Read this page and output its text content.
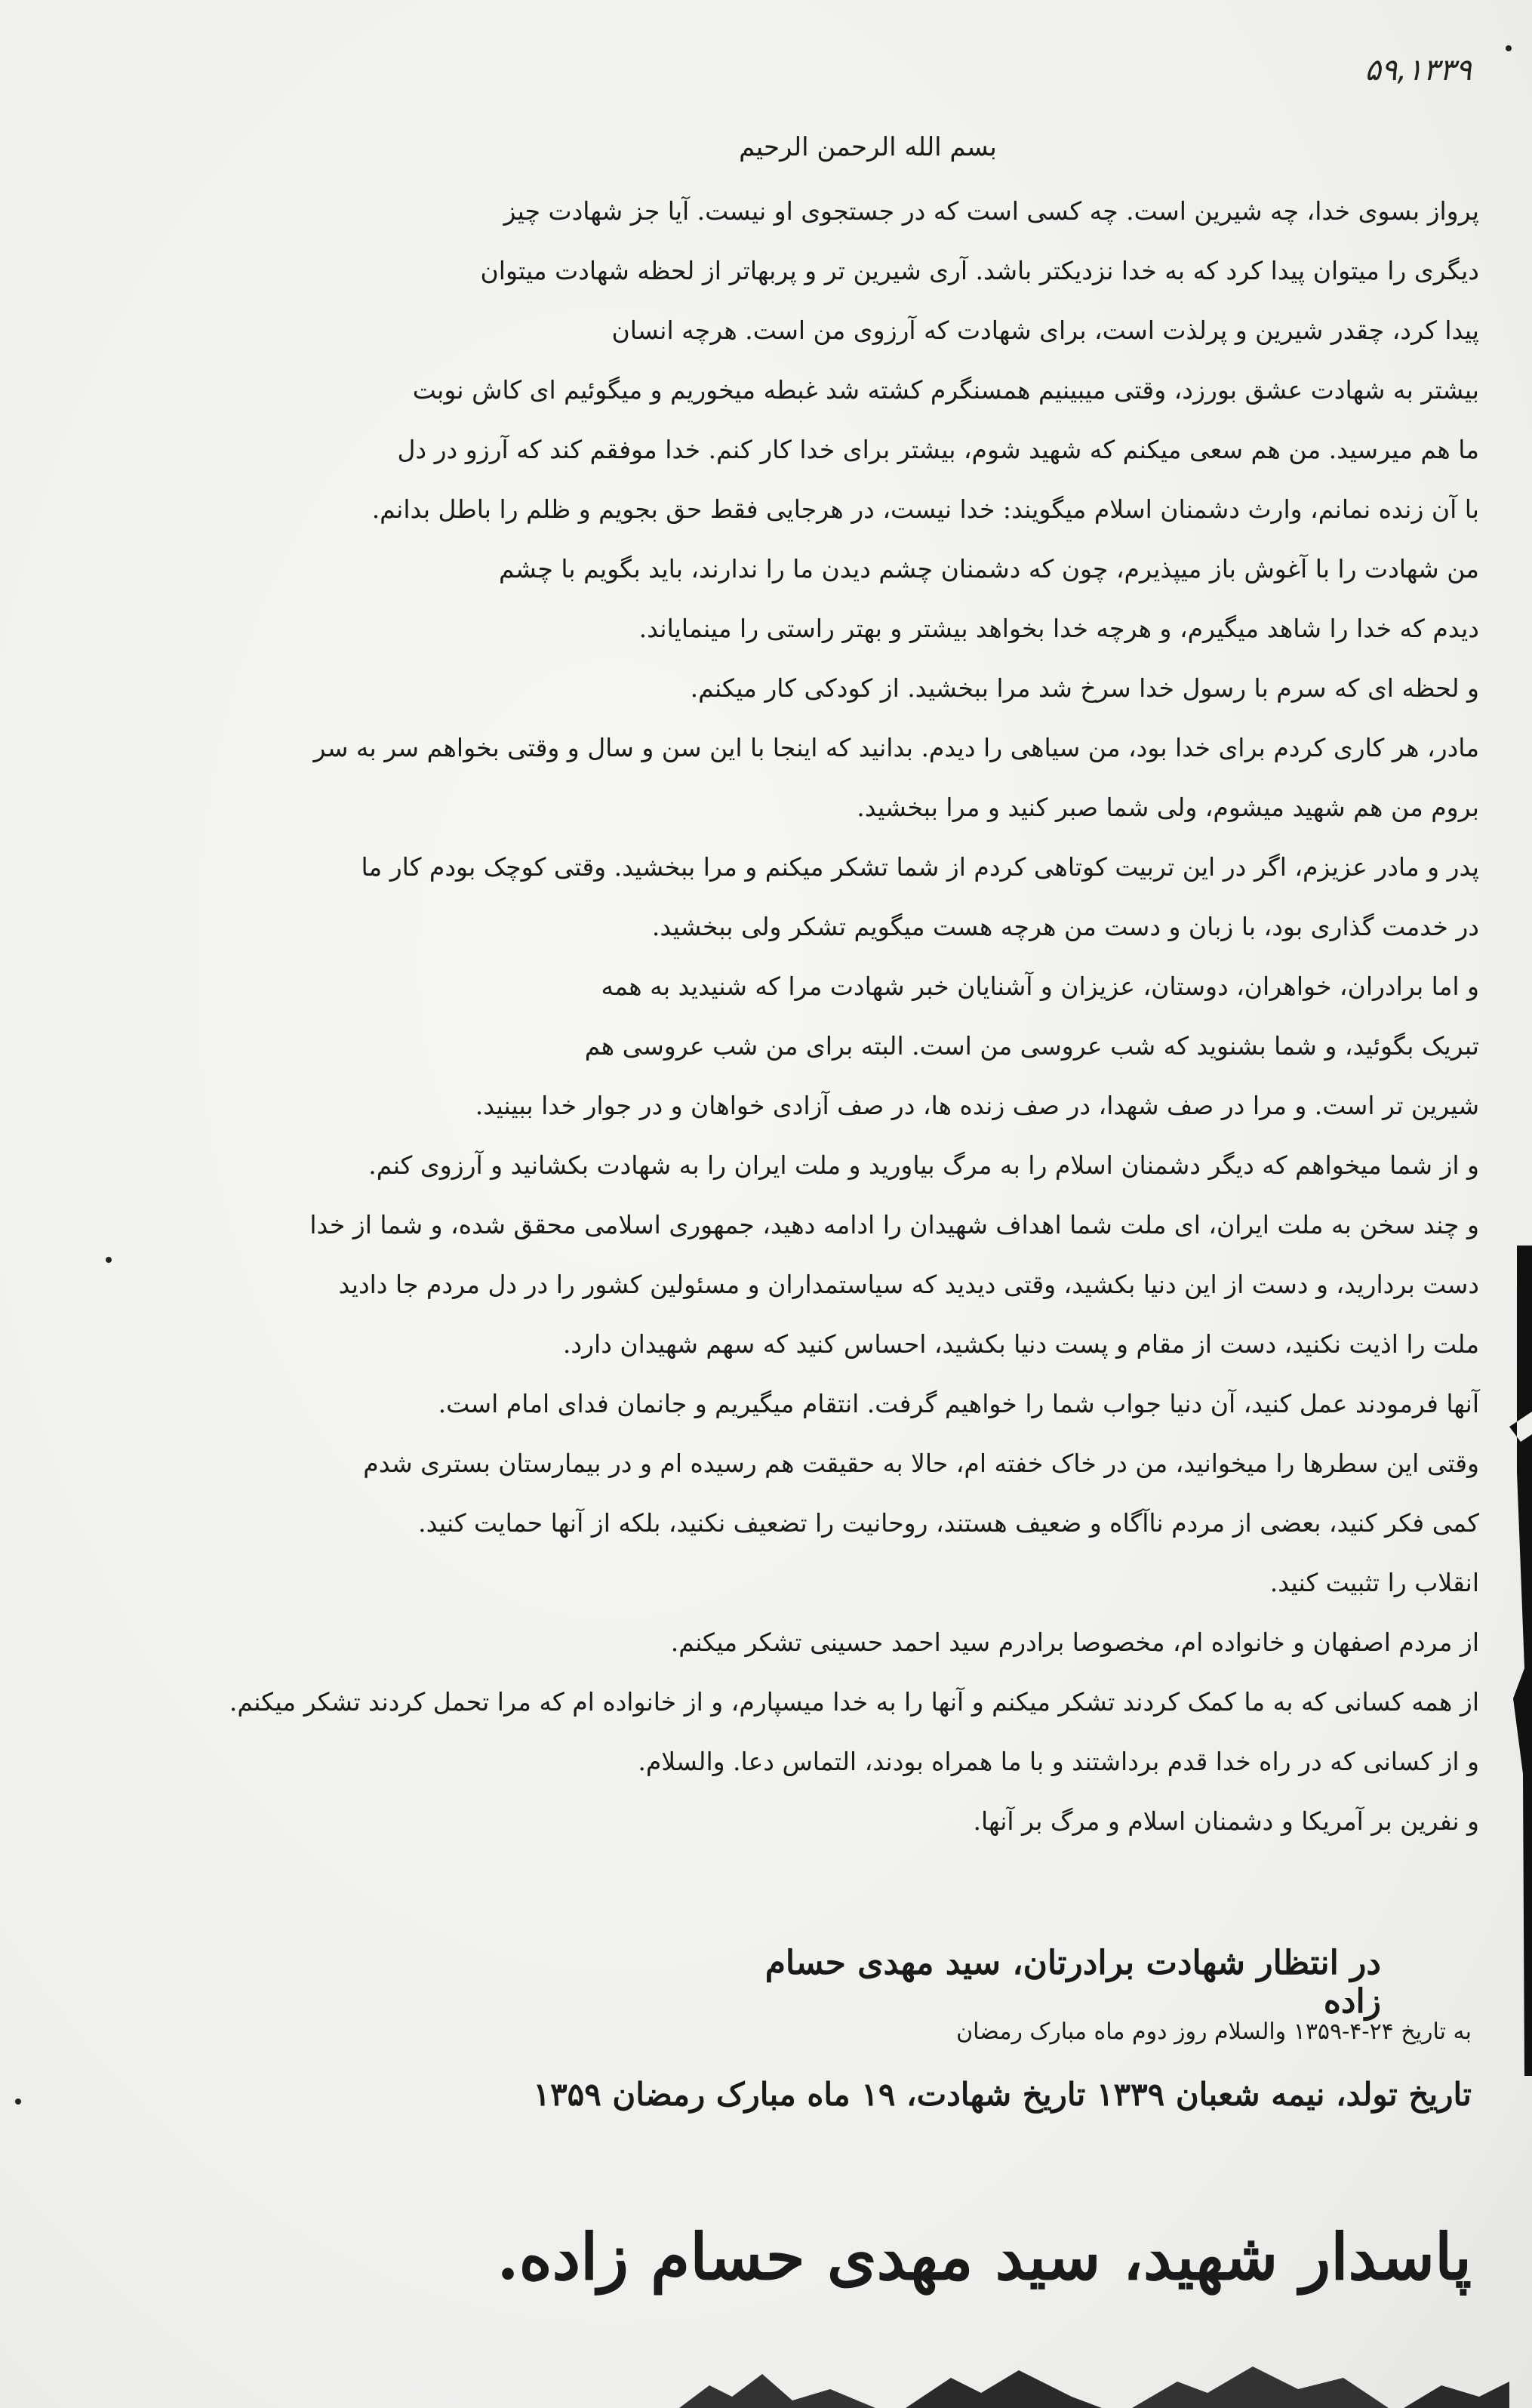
۵۹,۱۳۳۹
بسم الله الرحمن الرحیم
پرواز بسوی خدا، چه شیرین است. چه کسی است که در جستجوی او نیست. آیا جز شهادت چیز
دیگری را میتوان پیدا کرد که به خدا نزدیکتر باشد. آری شیرین تر و پربهاتر از لحظه شهادت میتوان
پیدا کرد، چقدر شیرین و پرلذت است، برای شهادت که آرزوی من است. هرچه انسان
بیشتر به شهادت عشق بورزد، وقتی میبینیم همسنگرم کشته شد غبطه میخوریم و میگوئیم ای کاش نوبت
ما هم میرسید. من هم سعی میکنم که شهید شوم، بیشتر برای خدا کار کنم. خدا موفقم کند که آرزو در دل
با آن زنده نمانم، وارث دشمنان اسلام میگویند: خدا نیست، در هرجایی فقط حق بجویم و ظلم را باطل بدانم.
من شهادت را با آغوش باز میپذیرم، چون که دشمنان چشم دیدن ما را ندارند، باید بگویم با چشم
دیدم که خدا را شاهد میگیرم، و هرچه خدا بخواهد بیشتر و بهتر راستی را مینمایاند.
و لحظه ای که سرم با رسول خدا سرخ شد مرا ببخشید. از کودکی کار میکنم.
مادر، هر کاری کردم برای خدا بود، من سیاهی را دیدم. بدانید که اینجا با این سن و سال و وقتی بخواهم سر به سر
بروم من هم شهید میشوم، ولی شما صبر کنید و مرا ببخشید.
پدر و مادر عزیزم، اگر در این تربیت کوتاهی کردم از شما تشکر میکنم و مرا ببخشید. وقتی کوچک بودم کار ما
در خدمت گذاری بود، با زبان و دست من هرچه هست میگویم تشکر ولی ببخشید.
و اما برادران، خواهران، دوستان، عزیزان و آشنایان خبر شهادت مرا که شنیدید به همه
تبریک بگوئید، و شما بشنوید که شب عروسی من است. البته برای من شب عروسی هم
شیرین تر است. و مرا در صف شهدا، در صف زنده ها، در صف آزادی خواهان و در جوار خدا ببینید.
و از شما میخواهم که دیگر دشمنان اسلام را به مرگ بیاورید و ملت ایران را به شهادت بکشانید و آرزوی کنم.
و چند سخن به ملت ایران، ای ملت شما اهداف شهیدان را ادامه دهید، جمهوری اسلامی محقق شده، و شما از خدا
دست بردارید، و دست از این دنیا بکشید، وقتی دیدید که سیاستمداران و مسئولین کشور را در دل مردم جا دادید
ملت را اذیت نکنید، دست از مقام و پست دنیا بکشید، احساس کنید که سهم شهیدان دارد.
آنها فرمودند عمل کنید، آن دنیا جواب شما را خواهیم گرفت. انتقام میگیریم و جانمان فدای امام است.
وقتی این سطرها را میخوانید، من در خاک خفته ام، حالا به حقیقت هم رسیده ام و در بیمارستان بستری شدم
کمی فکر کنید، بعضی از مردم ناآگاه و ضعیف هستند، روحانیت را تضعیف نکنید، بلکه از آنها حمایت کنید.
انقلاب را تثبیت کنید.
از مردم اصفهان و خانواده ام، مخصوصا برادرم سید احمد حسینی تشکر میکنم.
از همه کسانی که به ما کمک کردند تشکر میکنم و آنها را به خدا میسپارم، و از خانواده ام که مرا تحمل کردند تشکر میکنم.
و از کسانی که در راه خدا قدم برداشتند و با ما همراه بودند، التماس دعا. والسلام.
و نفرین بر آمریکا و دشمنان اسلام و مرگ بر آنها.
در انتظار شهادت برادرتان، سید مهدی حسام زاده
به تاریخ ۲۴-۴-۱۳۵۹ والسلام روز دوم ماه مبارک رمضان
تاریخ تولد، نیمه شعبان ۱۳۳۹ تاریخ شهادت، ۱۹ ماه مبارک رمضان ۱۳۵۹
پاسدار شهید، سید مهدی حسام زاده.
